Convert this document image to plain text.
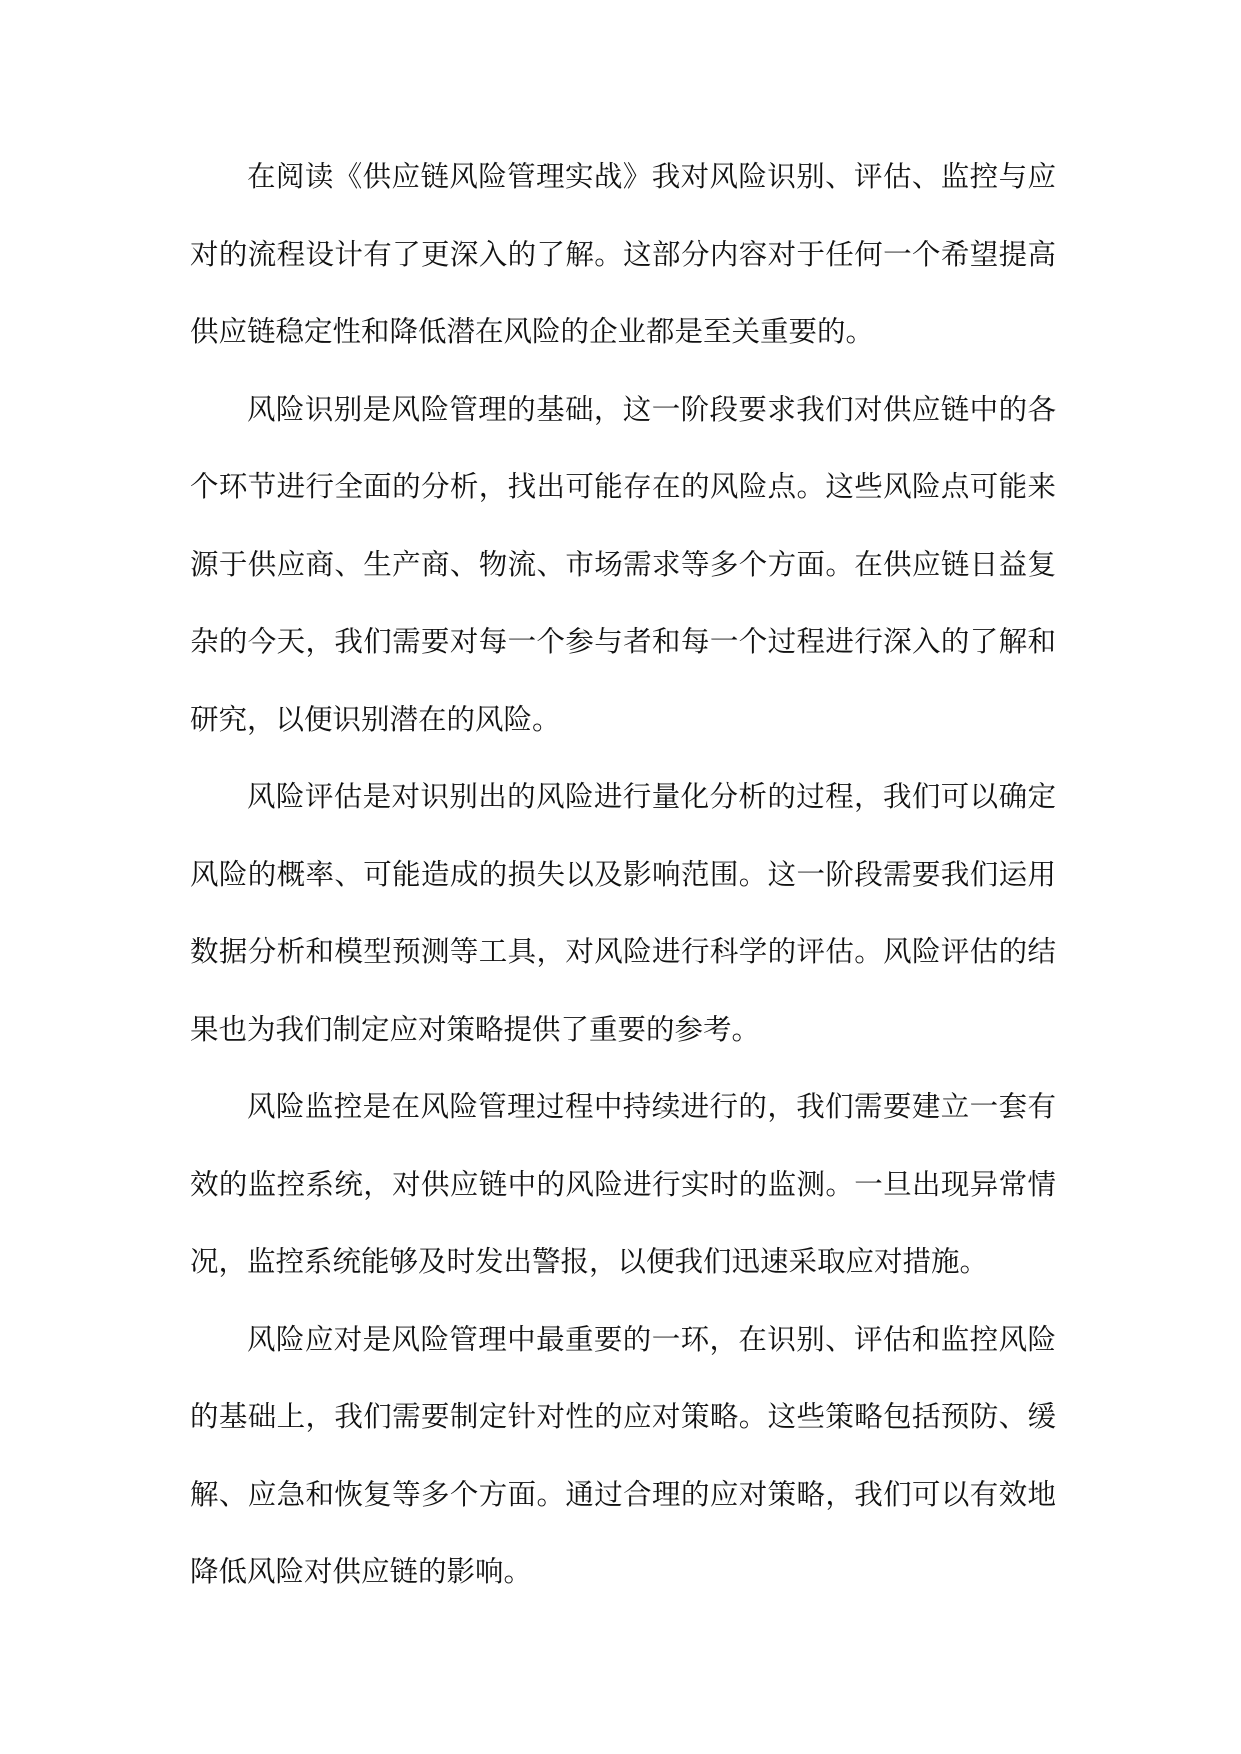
在阅读《供应链风险管理实战》我对风险识别、评估、监控与应对的流程设计有了更深入的了解。这部分内容对于任何一个希望提高供应链稳定性和降低潜在风险的企业都是至关重要的。

风险识别是风险管理的基础，这一阶段要求我们对供应链中的各个环节进行全面的分析，找出可能存在的风险点。这些风险点可能来源于供应商、生产商、物流、市场需求等多个方面。在供应链日益复杂的今天，我们需要对每一个参与者和每一个过程进行深入的了解和研究，以便识别潜在的风险。

风险评估是对识别出的风险进行量化分析的过程，我们可以确定风险的概率、可能造成的损失以及影响范围。这一阶段需要我们运用数据分析和模型预测等工具，对风险进行科学的评估。风险评估的结果也为我们制定应对策略提供了重要的参考。

风险监控是在风险管理过程中持续进行的，我们需要建立一套有效的监控系统，对供应链中的风险进行实时的监测。一旦出现异常情况，监控系统能够及时发出警报，以便我们迅速采取应对措施。

风险应对是风险管理中最重要的一环，在识别、评估和监控风险的基础上，我们需要制定针对性的应对策略。这些策略包括预防、缓解、应急和恢复等多个方面。通过合理的应对策略，我们可以有效地降低风险对供应链的影响。
